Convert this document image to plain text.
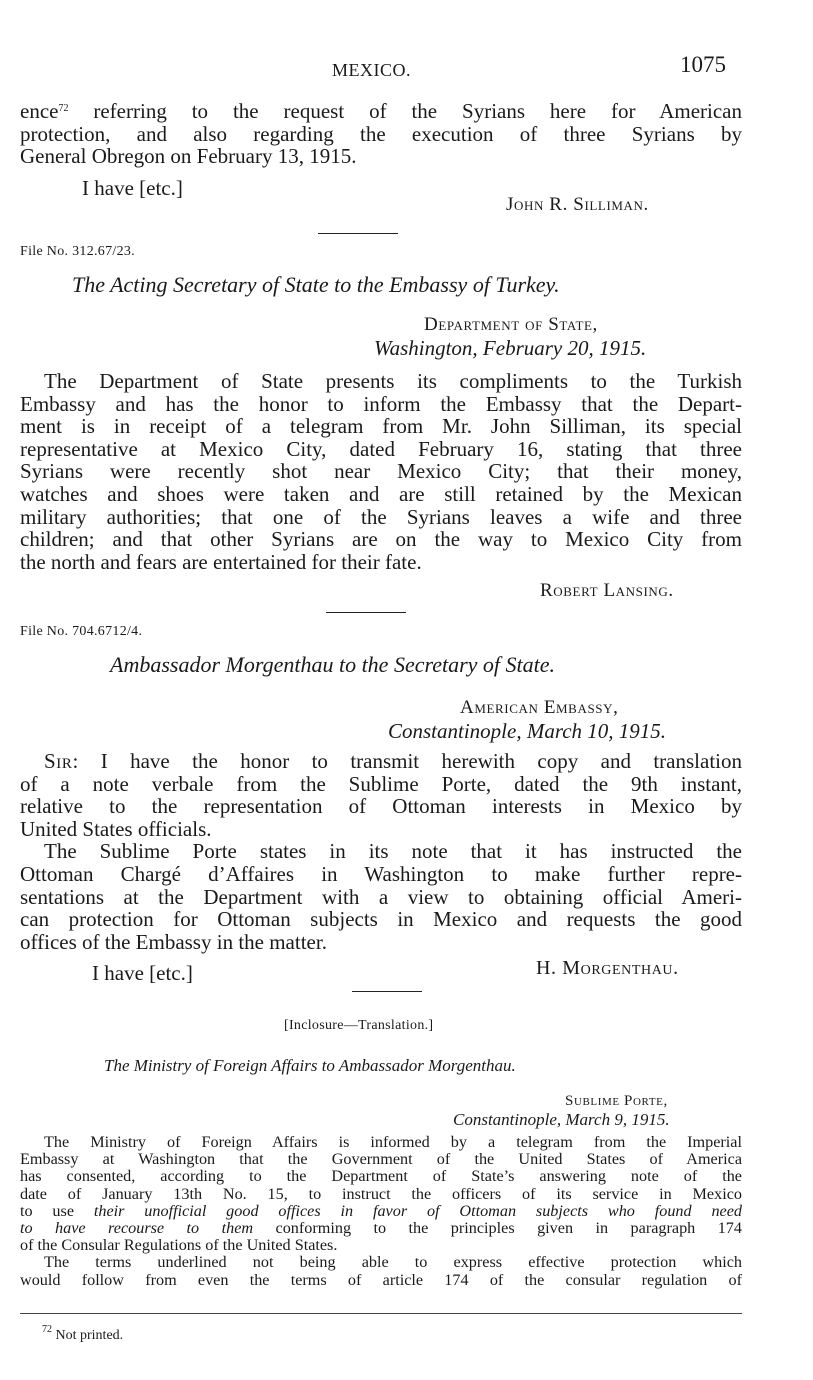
MEXICO.	1075
ence$^{72}$ referring to the request of the Syrians here for American
protection, and also regarding the execution of three Syrians by
General Obregon on February 13, 1915.
I have [etc.]
John R. Silliman.
File No. 312.67/23.
The Acting Secretary of State to the Embassy of Turkey.
Department of State,
Washington, February 20, 1915.
The Department of State presents its compliments to the Turkish
Embassy and has the honor to inform the Embassy that the Depart-
ment is in receipt of a telegram from Mr. John Silliman, its special
representative at Mexico City, dated February 16, stating that three
Syrians were recently shot near Mexico City; that their money,
watches and shoes were taken and are still retained by the Mexican
military authorities; that one of the Syrians leaves a wife and three
children; and that other Syrians are on the way to Mexico City from
the north and fears are entertained for their fate.
Robert Lansing.
File No. 704.6712/4.
Ambassador Morgenthau to the Secretary of State.
American Embassy,
Constantinople, March 10, 1915.
Sir: I have the honor to transmit herewith copy and translation
of a note verbale from the Sublime Porte, dated the 9th instant,
relative to the representation of Ottoman interests in Mexico by
United States officials.
The Sublime Porte states in its note that it has instructed the
Ottoman Chargé d’Affaires in Washington to make further repre-
sentations at the Department with a view to obtaining official Ameri-
can protection for Ottoman subjects in Mexico and requests the good
offices of the Embassy in the matter.
I have [etc.]	H. Morgenthau.
[Inclosure—Translation.]
The Ministry of Foreign Affairs to Ambassador Morgenthau.
Sublime Porte,
Constantinople, March 9, 1915.
The Ministry of Foreign Affairs is informed by a telegram from the Imperial
Embassy at Washington that the Government of the United States of America
has consented, according to the Department of State’s answering note of the
date of January 13th No. 15, to instruct the officers of its service in Mexico
to use their unofficial good offices in favor of Ottoman subjects who found need
to have recourse to them conforming to the principles given in paragraph 174
of the Consular Regulations of the United States.
The terms underlined not being able to express effective protection which
would follow from even the terms of article 174 of the consular regulation of
$^{72}$ Not printed.
